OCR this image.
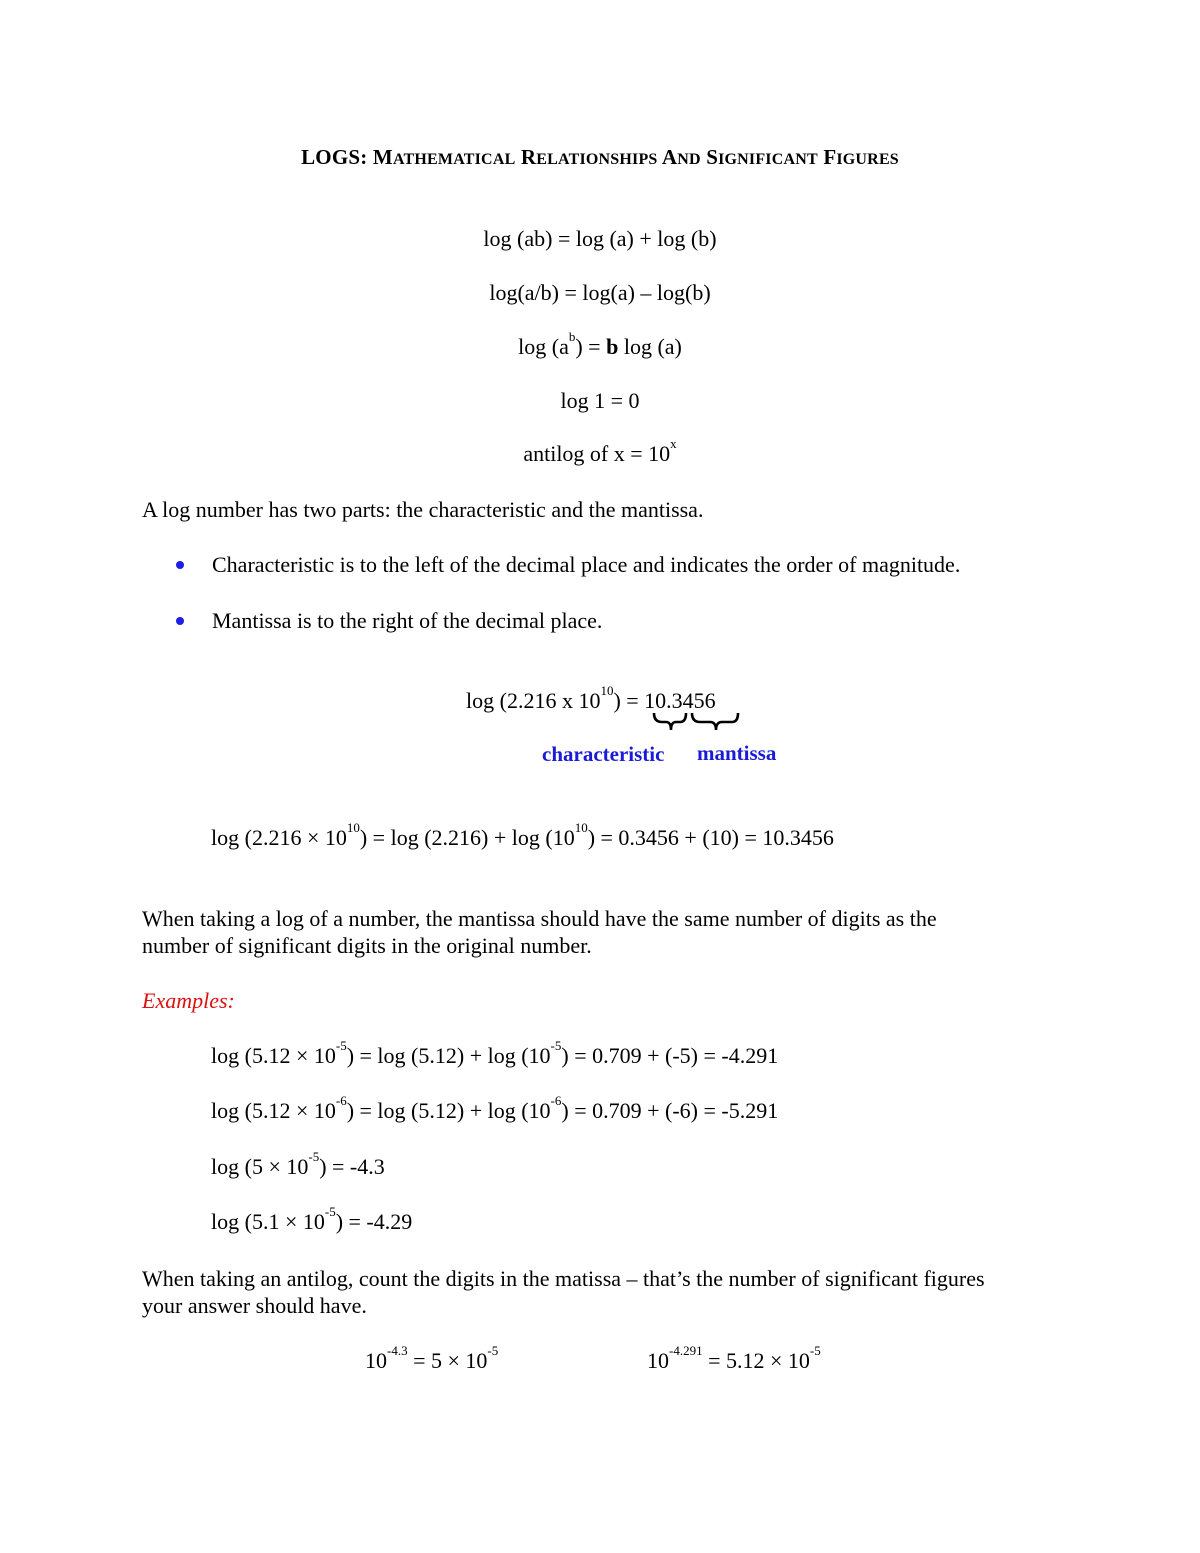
LOGS: MATHEMATICAL RELATIONSHIPS AND SIGNIFICANT FIGURES
log (ab) = log (a) + log (b)
log(a/b) = log(a) – log(b)
$\log (a^b) = b$ log (a)
log 1 = 0
antilog of $x = 10^x$
A log number has two parts: the characteristic and the mantissa.
Characteristic is to the left of the decimal place and indicates the order of magnitude.
Mantissa is to the right of the decimal place.
log (2.216 x $10^{10}) = 10.3456$
characteristic mantissa
$\log (2.216 \times 10^{10}) = \log (2.216) + \log (10^{10}) = 0.3456 + (10) = 10.3456$
When taking a log of a number, the mantissa should have the same number of digits as the
number of significant digits in the original number.
Examples:
$\log (5.12 \times 10^{-5}) = \log (5.12) + \log (10^{-5}) = 0.709 + (-5) = -4.291$
$\log (5.12 \times 10^{-6}) = \log (5.12) + \log (10^{-6}) = 0.709 + (-6) = -5.291$
$\log (5 \times 10^{-5}) = -4.3$
$\log (5.1 \times 10^{-5}) = -4.29$
When taking an antilog, count the digits in the matissa – that’s the number of significant figures
your answer should have.
$10^{-4.3} = 5 \times 10^{-5}$	$10^{-4.291} = 5.12 \times 10^{-5}$
